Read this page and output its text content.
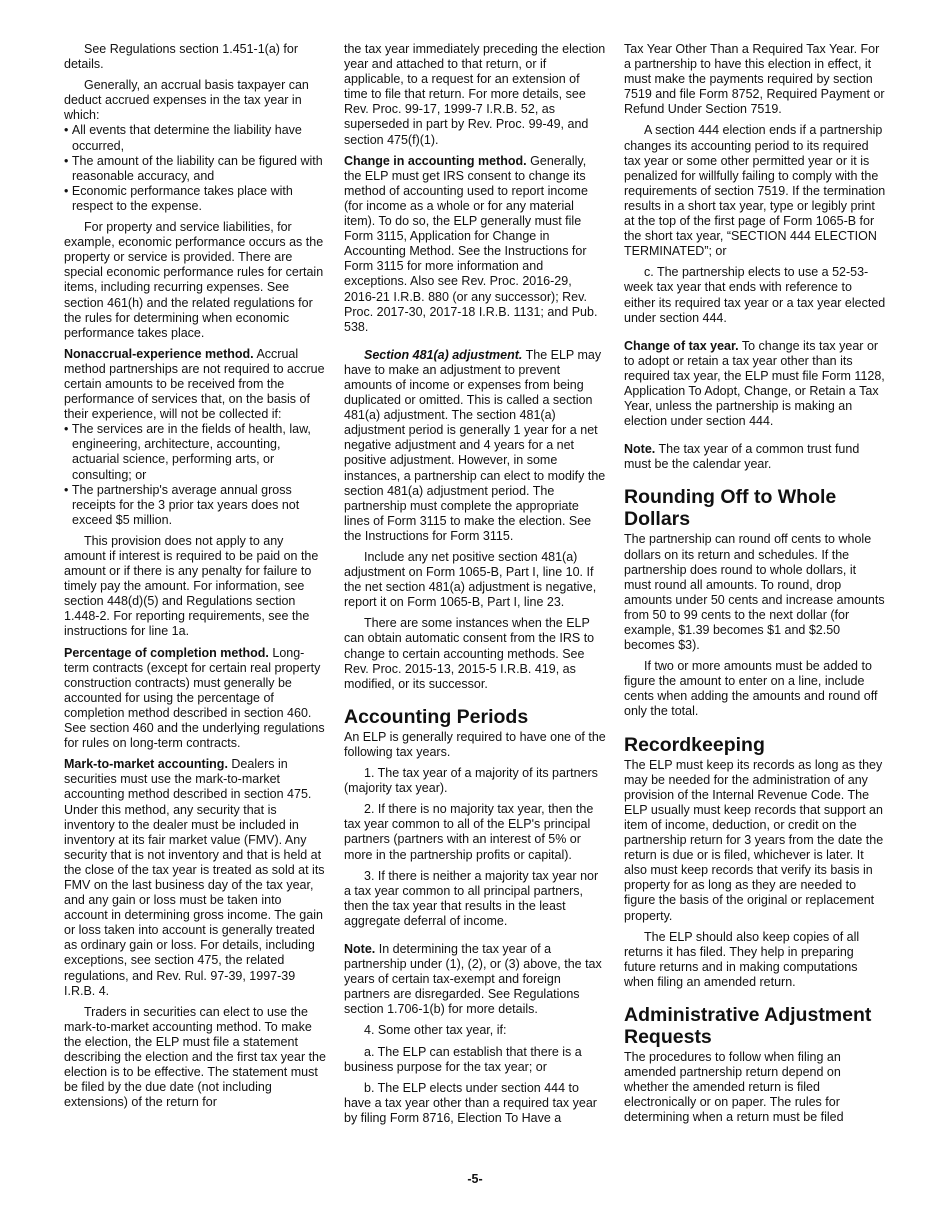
See Regulations section 1.451-1(a) for details.

Generally, an accrual basis taxpayer can deduct accrued expenses in the tax year in which:

• All events that determine the liability have occurred,
• The amount of the liability can be figured with reasonable accuracy, and
• Economic performance takes place with respect to the expense.

For property and service liabilities, for example, economic performance occurs as the property or service is provided. There are special economic performance rules for certain items, including recurring expenses. See section 461(h) and the related regulations for the rules for determining when economic performance takes place.

Nonaccrual-experience method. Accrual method partnerships are not required to accrue certain amounts to be received from the performance of services that, on the basis of their experience, will not be collected if:

• The services are in the fields of health, law, engineering, architecture, accounting, actuarial science, performing arts, or consulting; or
• The partnership's average annual gross receipts for the 3 prior tax years does not exceed $5 million.

This provision does not apply to any amount if interest is required to be paid on the amount or if there is any penalty for failure to timely pay the amount. For information, see section 448(d)(5) and Regulations section 1.448-2. For reporting requirements, see the instructions for line 1a.

Percentage of completion method. Long-term contracts (except for certain real property construction contracts) must generally be accounted for using the percentage of completion method described in section 460. See section 460 and the underlying regulations for rules on long-term contracts.

Mark-to-market accounting. Dealers in securities must use the mark-to-market accounting method described in section 475. Under this method, any security that is inventory to the dealer must be included in inventory at its fair market value (FMV). Any security that is not inventory and that is held at the close of the tax year is treated as sold at its FMV on the last business day of the tax year, and any gain or loss must be taken into account in determining gross income. The gain or loss taken into account is generally treated as ordinary gain or loss. For details, including exceptions, see section 475, the related regulations, and Rev. Rul. 97-39, 1997-39 I.R.B. 4.

Traders in securities can elect to use the mark-to-market accounting method. To make the election, the ELP must file a statement describing the election and the first tax year the election is to be effective. The statement must be filed by the due date (not including extensions) of the return for

the tax year immediately preceding the election year and attached to that return, or if applicable, to a request for an extension of time to file that return. For more details, see Rev. Proc. 99-17, 1999-7 I.R.B. 52, as superseded in part by Rev. Proc. 99-49, and section 475(f)(1).

Change in accounting method. Generally, the ELP must get IRS consent to change its method of accounting used to report income (for income as a whole or for any material item). To do so, the ELP generally must file Form 3115, Application for Change in Accounting Method. See the Instructions for Form 3115 for more information and exceptions. Also see Rev. Proc. 2016-29, 2016-21 I.R.B. 880 (or any successor); Rev. Proc. 2017-30, 2017-18 I.R.B. 1131; and Pub. 538.

Section 481(a) adjustment. The ELP may have to make an adjustment to prevent amounts of income or expenses from being duplicated or omitted. This is called a section 481(a) adjustment. The section 481(a) adjustment period is generally 1 year for a net negative adjustment and 4 years for a net positive adjustment. However, in some instances, a partnership can elect to modify the section 481(a) adjustment period. The partnership must complete the appropriate lines of Form 3115 to make the election. See the Instructions for Form 3115.

Include any net positive section 481(a) adjustment on Form 1065-B, Part I, line 10. If the net section 481(a) adjustment is negative, report it on Form 1065-B, Part I, line 23.

There are some instances when the ELP can obtain automatic consent from the IRS to change to certain accounting methods. See Rev. Proc. 2015-13, 2015-5 I.R.B. 419, as modified, or its successor.

Accounting Periods

An ELP is generally required to have one of the following tax years.

1. The tax year of a majority of its partners (majority tax year).

2. If there is no majority tax year, then the tax year common to all of the ELP's principal partners (partners with an interest of 5% or more in the partnership profits or capital).

3. If there is neither a majority tax year nor a tax year common to all principal partners, then the tax year that results in the least aggregate deferral of income.

Note. In determining the tax year of a partnership under (1), (2), or (3) above, the tax years of certain tax-exempt and foreign partners are disregarded. See Regulations section 1.706-1(b) for more details.

4. Some other tax year, if:

a. The ELP can establish that there is a business purpose for the tax year; or

b. The ELP elects under section 444 to have a tax year other than a required tax year by filing Form 8716, Election To Have a

Tax Year Other Than a Required Tax Year. For a partnership to have this election in effect, it must make the payments required by section 7519 and file Form 8752, Required Payment or Refund Under Section 7519.

A section 444 election ends if a partnership changes its accounting period to its required tax year or some other permitted year or it is penalized for willfully failing to comply with the requirements of section 7519. If the termination results in a short tax year, type or legibly print at the top of the first page of Form 1065-B for the short tax year, “SECTION 444 ELECTION TERMINATED”; or

c. The partnership elects to use a 52-53-week tax year that ends with reference to either its required tax year or a tax year elected under section 444.

Change of tax year. To change its tax year or to adopt or retain a tax year other than its required tax year, the ELP must file Form 1128, Application To Adopt, Change, or Retain a Tax Year, unless the partnership is making an election under section 444.

Note. The tax year of a common trust fund must be the calendar year.

Rounding Off to Whole Dollars

The partnership can round off cents to whole dollars on its return and schedules. If the partnership does round to whole dollars, it must round all amounts. To round, drop amounts under 50 cents and increase amounts from 50 to 99 cents to the next dollar (for example, $1.39 becomes $1 and $2.50 becomes $3).

If two or more amounts must be added to figure the amount to enter on a line, include cents when adding the amounts and round off only the total.

Recordkeeping

The ELP must keep its records as long as they may be needed for the administration of any provision of the Internal Revenue Code. The ELP usually must keep records that support an item of income, deduction, or credit on the partnership return for 3 years from the date the return is due or is filed, whichever is later. It also must keep records that verify its basis in property for as long as they are needed to figure the basis of the original or replacement property.

The ELP should also keep copies of all returns it has filed. They help in preparing future returns and in making computations when filing an amended return.

Administrative Adjustment Requests

The procedures to follow when filing an amended partnership return depend on whether the amended return is filed electronically or on paper. The rules for determining when a return must be filed

-5-
